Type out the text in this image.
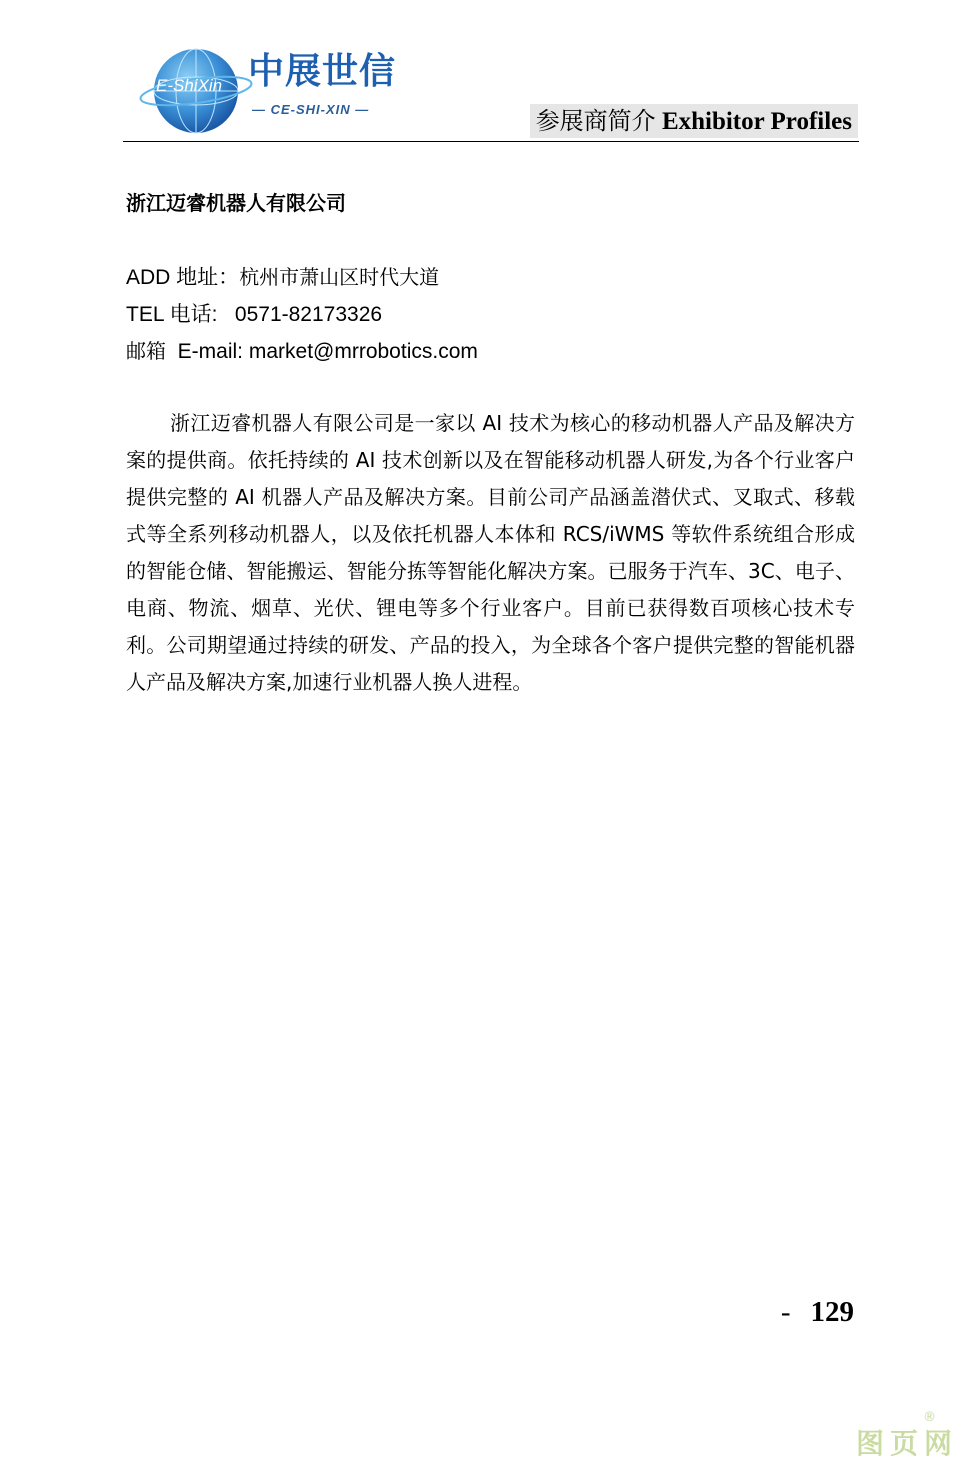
E-ShiXin 中展世信
— CE-SHI-XIN —	参展商简介 Exhibitor Profiles
浙江迈睿机器人有限公司
ADD 地址：杭州市萧山区时代大道
TEL 电话: 0571-82173326
邮箱 E-mail: market@mrrobotics.com
浙江迈睿机器人有限公司是一家以 AI 技术为核心的移动机器人产品及解决方案的提供商。依托持续的 AI 技术创新以及在智能移动机器人研发,为各个行业客户提供完整的 AI 机器人产品及解决方案。目前公司产品涵盖潜伏式、叉取式、移载式等全系列移动机器人，以及依托机器人本体和 RCS/iWMS 等软件系统组合形成的智能仓储、智能搬运、智能分拣等智能化解决方案。已服务于汽车、3C、电子、电商、物流、烟草、光伏、锂电等多个行业客户。目前已获得数百项核心技术专利。公司期望通过持续的研发、产品的投入，为全球各个客户提供完整的智能机器人产品及解决方案,加速行业机器人换人进程。
- 129
图页网
®
